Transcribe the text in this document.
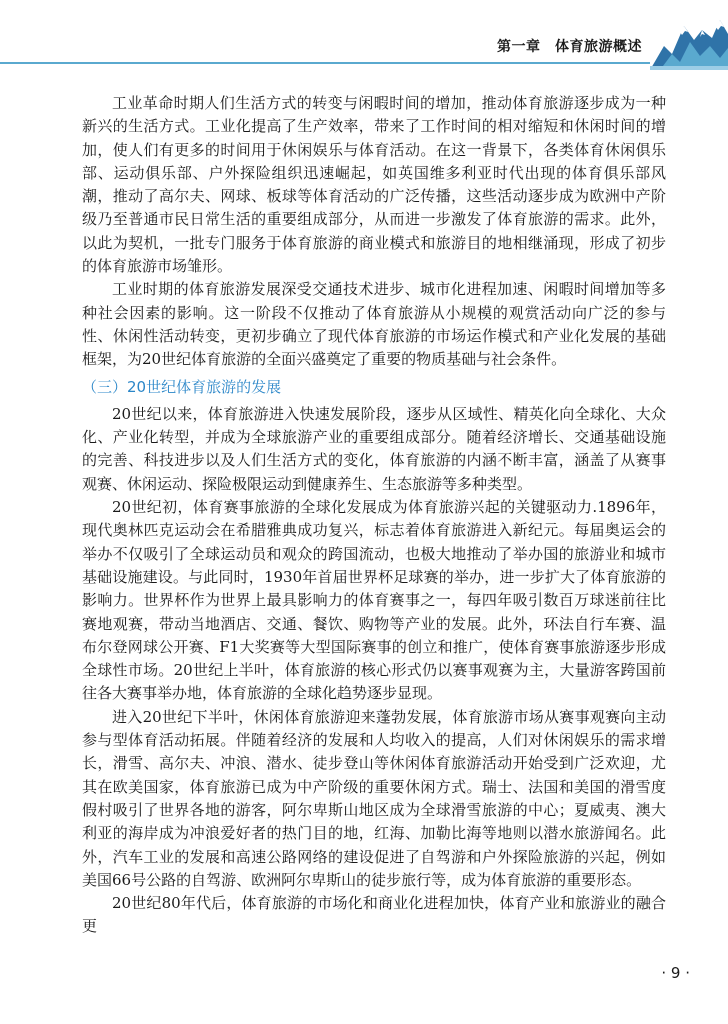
第一章　体育旅游概述

工业革命时期人们生活方式的转变与闲暇时间的增加，推动体育旅游逐步成为一种新兴的生活方式。工业化提高了生产效率，带来了工作时间的相对缩短和休闲时间的增加，使人们有更多的时间用于休闲娱乐与体育活动。在这一背景下，各类体育休闲俱乐部、运动俱乐部、户外探险组织迅速崛起，如英国维多利亚时代出现的体育俱乐部风潮，推动了高尔夫、网球、板球等体育活动的广泛传播，这些活动逐步成为欧洲中产阶级乃至普通市民日常生活的重要组成部分，从而进一步激发了体育旅游的需求。此外，以此为契机，一批专门服务于体育旅游的商业模式和旅游目的地相继涌现，形成了初步的体育旅游市场雏形。

工业时期的体育旅游发展深受交通技术进步、城市化进程加速、闲暇时间增加等多种社会因素的影响。这一阶段不仅推动了体育旅游从小规模的观赏活动向广泛的参与性、休闲性活动转变，更初步确立了现代体育旅游的市场运作模式和产业化发展的基础框架，为20世纪体育旅游的全面兴盛奠定了重要的物质基础与社会条件。

（三）20世纪体育旅游的发展

20世纪以来，体育旅游进入快速发展阶段，逐步从区域性、精英化向全球化、大众化、产业化转型，并成为全球旅游产业的重要组成部分。随着经济增长、交通基础设施的完善、科技进步以及人们生活方式的变化，体育旅游的内涵不断丰富，涵盖了从赛事观赛、休闲运动、探险极限运动到健康养生、生态旅游等多种类型。

20世纪初，体育赛事旅游的全球化发展成为体育旅游兴起的关键驱动力.1896年，现代奥林匹克运动会在希腊雅典成功复兴，标志着体育旅游进入新纪元。每届奥运会的举办不仅吸引了全球运动员和观众的跨国流动，也极大地推动了举办国的旅游业和城市基础设施建设。与此同时，1930年首届世界杯足球赛的举办，进一步扩大了体育旅游的影响力。世界杯作为世界上最具影响力的体育赛事之一，每四年吸引数百万球迷前往比赛地观赛，带动当地酒店、交通、餐饮、购物等产业的发展。此外，环法自行车赛、温布尔登网球公开赛、F1大奖赛等大型国际赛事的创立和推广，使体育赛事旅游逐步形成全球性市场。20世纪上半叶，体育旅游的核心形式仍以赛事观赛为主，大量游客跨国前往各大赛事举办地，体育旅游的全球化趋势逐步显现。

进入20世纪下半叶，休闲体育旅游迎来蓬勃发展，体育旅游市场从赛事观赛向主动参与型体育活动拓展。伴随着经济的发展和人均收入的提高，人们对休闲娱乐的需求增长，滑雪、高尔夫、冲浪、潜水、徒步登山等休闲体育旅游活动开始受到广泛欢迎，尤其在欧美国家，体育旅游已成为中产阶级的重要休闲方式。瑞士、法国和美国的滑雪度假村吸引了世界各地的游客，阿尔卑斯山地区成为全球滑雪旅游的中心；夏威夷、澳大利亚的海岸成为冲浪爱好者的热门目的地，红海、加勒比海等地则以潜水旅游闻名。此外，汽车工业的发展和高速公路网络的建设促进了自驾游和户外探险旅游的兴起，例如美国66号公路的自驾游、欧洲阿尔卑斯山的徒步旅行等，成为体育旅游的重要形态。

20世纪80年代后，体育旅游的市场化和商业化进程加快，体育产业和旅游业的融合更

· 9 ·
